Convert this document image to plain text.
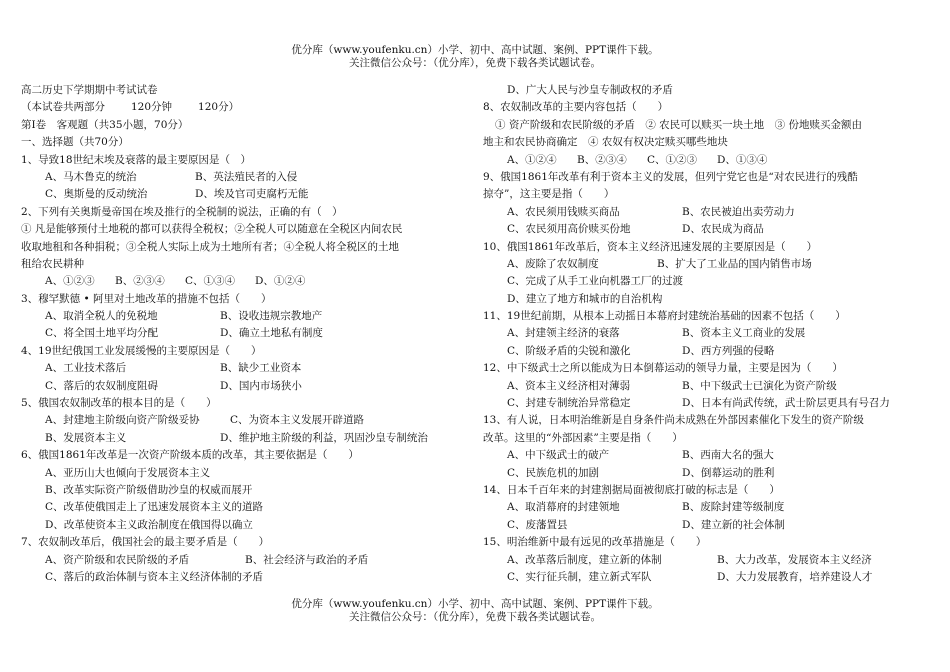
优分库（www.youfenku.cn）小学、初中、高中试题、案例、PPT课件下载。
关注微信公众号：（优分库），免费下载各类试题试卷。
高二历史下学期期中考试试卷
（本试卷共两部分 120分钟 120分）
第Ⅰ卷　客观题（共35小题，70分）
一、选择题（共70分）
1、导致18世纪末埃及衰落的最主要原因是（　）
A、马木鲁克的统治	B、英法殖民者的入侵
C、奥斯曼的反动统治	D、埃及官司吏腐朽无能
2、下列有关奥斯曼帝国在埃及推行的全税制的说法，正确的有（　）
① 凡是能够预付土地税的都可以获得全税权；②全税人可以随意在全税区内间农民
收取地租和各种捐税；③全税人实际上成为土地所有者；④全税人将全税区的土地
租给农民耕种
A、①②③ B、②③④ C、①③④ D、①②④
3、穆罕默德 • 阿里对土地改革的措施不包括（　　）
A、取消全税人的免税地	B、设收违规宗教地产
C、将全国土地平均分配	D、确立土地私有制度
4、19世纪俄国工业发展缓慢的主要原因是（　　）
A、工业技术落后	B、缺少工业资本
C、落后的农奴制度阻碍	D、国内市场狭小
5、俄国农奴制改革的根本目的是（　　）
A、封建地主阶级向资产阶级妥协	C、为资本主义发展开辟道路
B、发展资本主义	D、维护地主阶级的利益，巩固沙皇专制统治
6、俄国1861年改革是一次资产阶级本质的改革，其主要依据是（　　）
A、亚历山大也倾向于发展资本主义
B、改革实际资产阶级借助沙皇的权威而展开
C、改革使俄国走上了迅速发展资本主义的道路
D、改革使资本主义政治制度在俄国得以确立
7、农奴制改革后，俄国社会的最主要矛盾是（　　）
A、资产阶级和农民阶级的矛盾	B、社会经济与政治的矛盾
C、落后的政治体制与资本主义经济体制的矛盾
D、广大人民与沙皇专制政权的矛盾
8、农奴制改革的主要内容包括（　　）
① 资产阶级和农民阶级的矛盾　② 农民可以赎买一块土地　③ 份地赎买金额由
地主和农民协商确定　④ 农奴有权决定赎买哪些地块
A、①②④ B、②③④ C、①②③ D、①③④
9、俄国1861年改革有利于资本主义的发展，但列宁党它也是“对农民进行的残酷
掠夺”，这主要是指（　　）
A、农民须用钱赎买商品	B、农民被迫出卖劳动力
C、农民须用高价赎买份地	D、农民成为商品
10、俄国1861年改革后，资本主义经济迅速发展的主要原因是（　　）
A、废除了农奴制度	B、扩大了工业品的国内销售市场
C、完成了从手工业向机器工厂的过渡
D、建立了地方和城市的自治机构
11、19世纪前期，从根本上动摇日本幕府封建统治基础的因素不包括（　　）
A、封建领主经济的衰落	B、资本主义工商业的发展
C、阶级矛盾的尖锐和激化	D、西方列强的侵略
12、中下级武士之所以能成为日本倒幕运动的领导力量，主要是因为（　　）
A、资本主义经济相对薄弱	B、中下级武士已演化为资产阶级
C、封建专制统治异常稳定	D、日本有尚武传统，武士阶层更具有号召力
13、有人说，日本明治维新是自身条件尚未成熟在外部因素催化下发生的资产阶级
改革。这里的“外部因素”主要是指（　　）
A、中下级武士的破产	B、西南大名的强大
C、民族危机的加剧	D、倒幕运动的胜利
14、日本千百年来的封建割据局面被彻底打破的标志是（　　）
A、取消幕府的封建领地	B、废除封建等级制度
C、废藩置县	D、建立新的社会体制
15、明治维新中最有远见的改革措施是（　　）
A、改革落后制度，建立新的体制	B、大力改革，发展资本主义经济
C、实行征兵制，建立新式军队	D、大力发展教育，培养建设人才
优分库（www.youfenku.cn）小学、初中、高中试题、案例、PPT课件下载。
关注微信公众号：（优分库），免费下载各类试题试卷。
